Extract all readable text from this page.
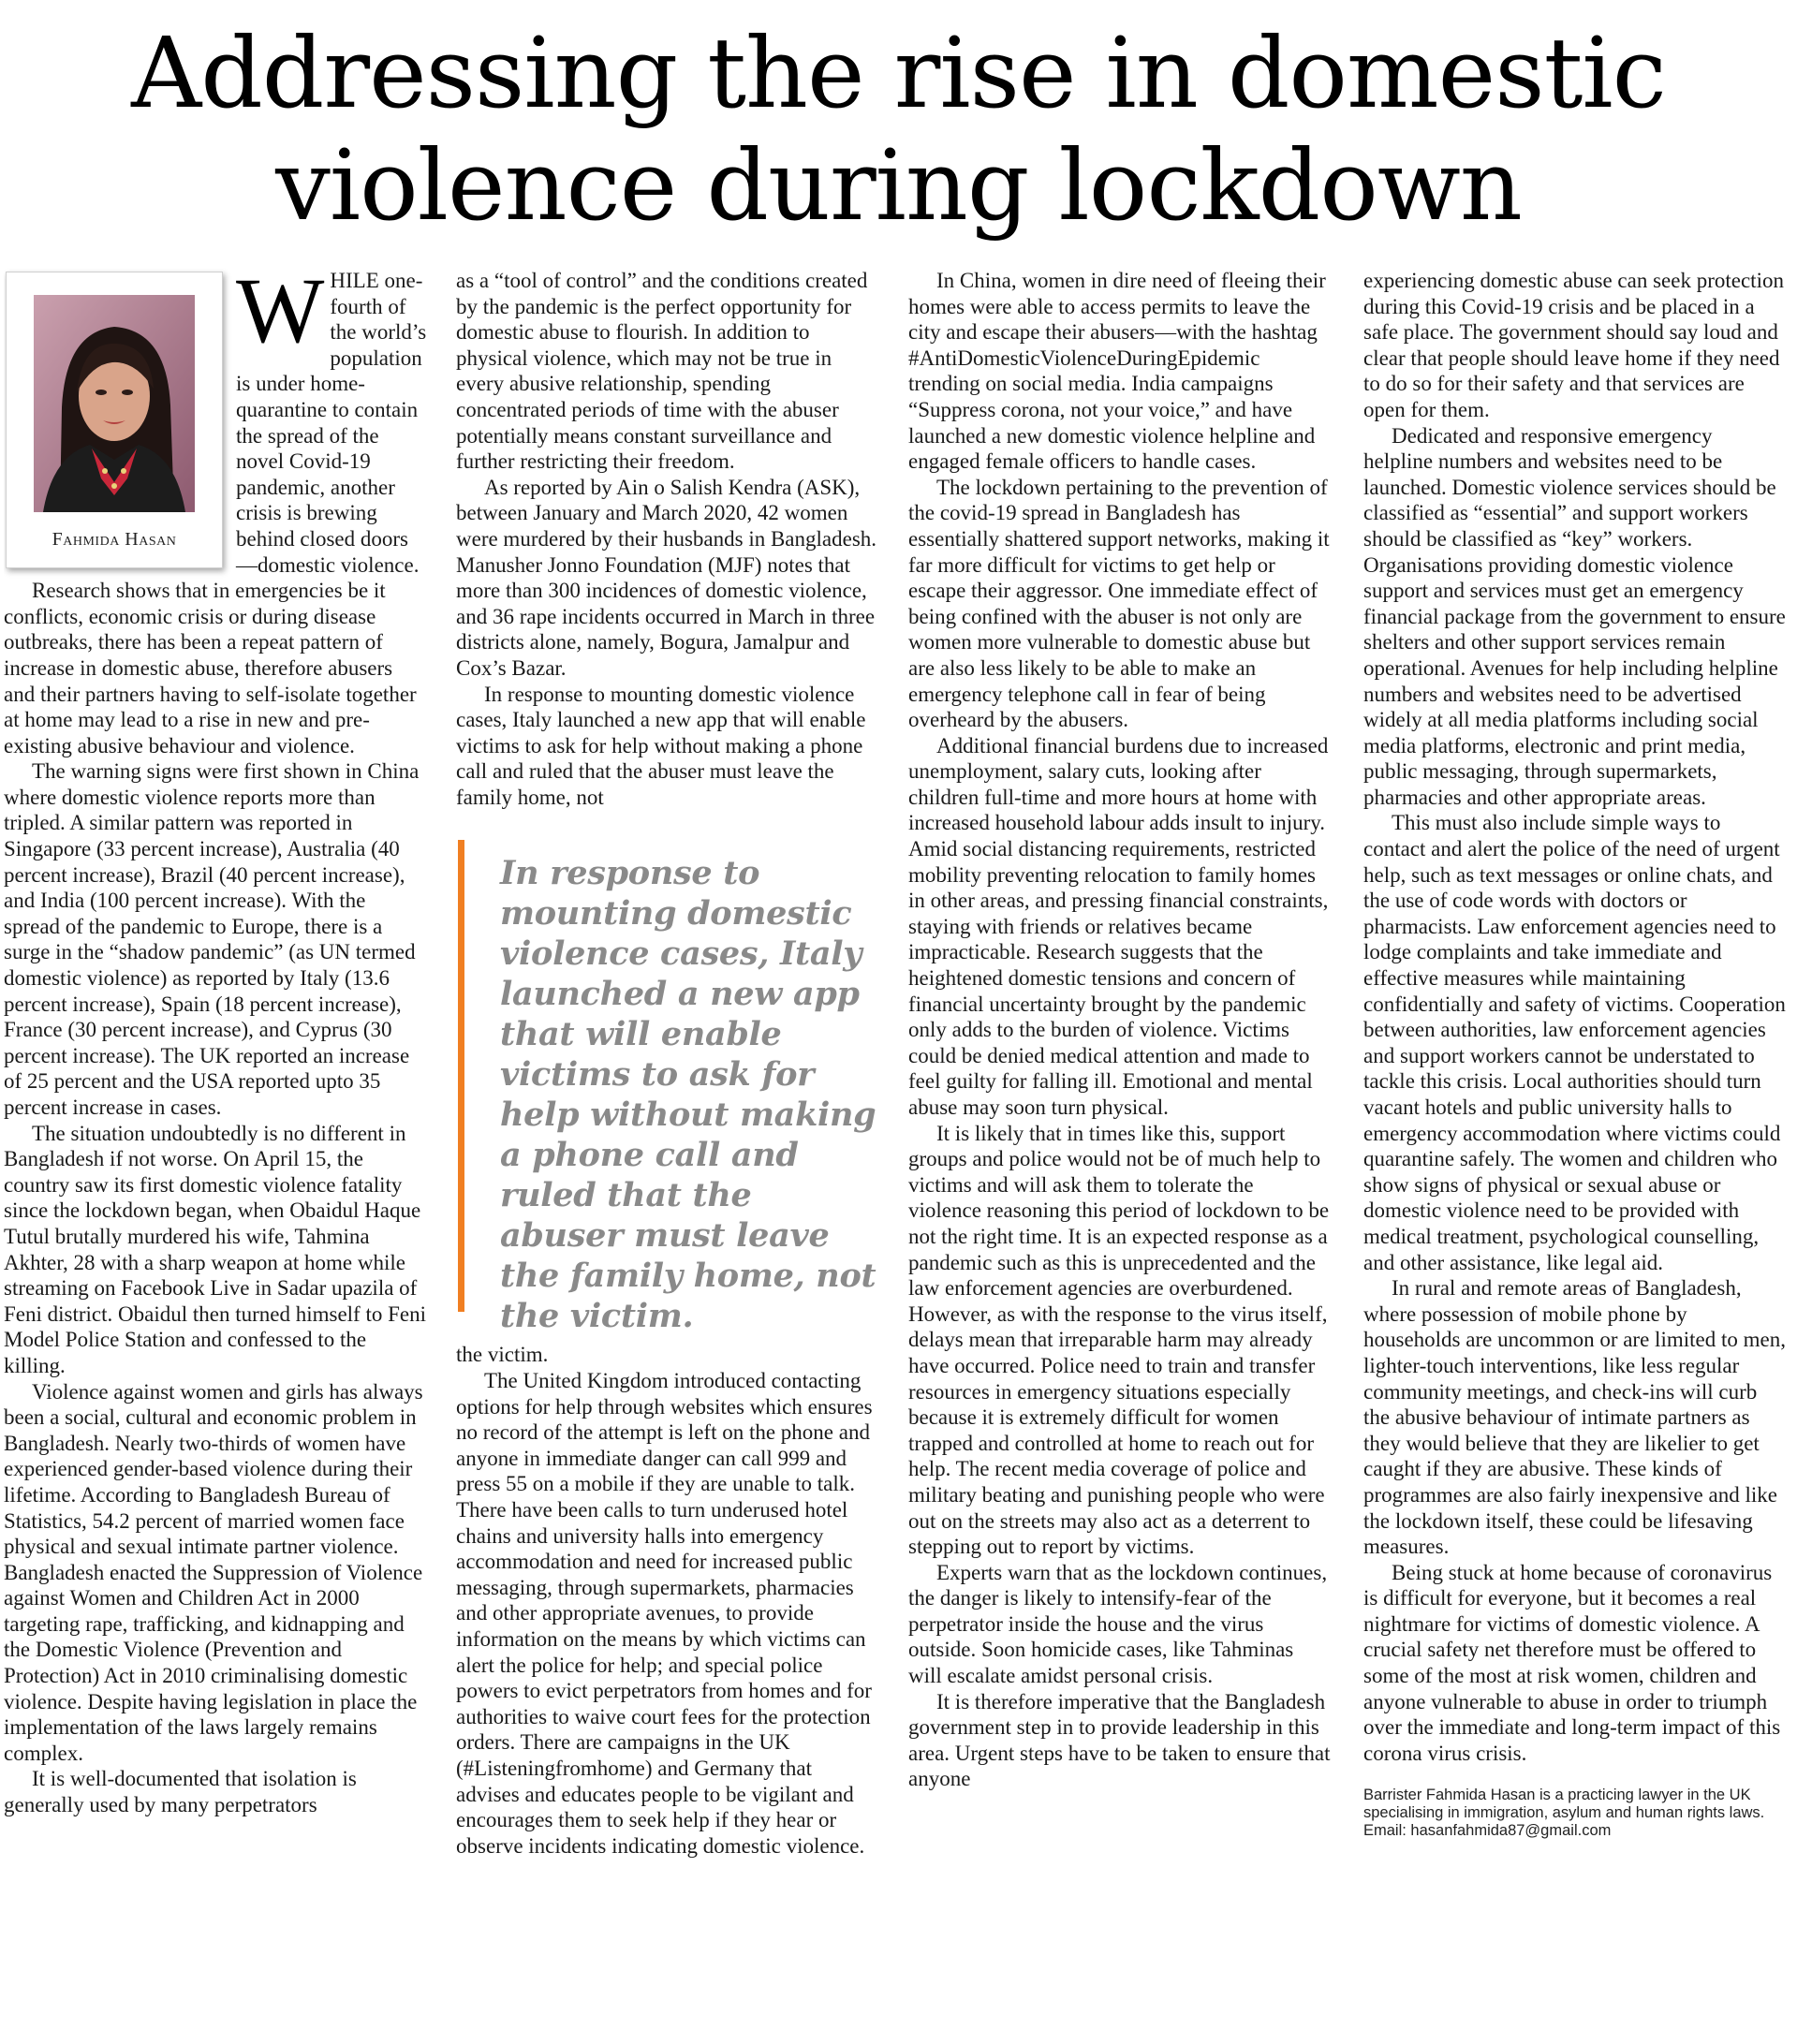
Addressing the rise in domestic
violence during lockdown
Fahmida Hasan

WHILE one-fourth of the world’s population is under home-quarantine to contain the spread of the novel Covid-19 pandemic, another crisis is brewing behind closed doors—domestic violence.

Research shows that in emergencies be it conflicts, economic crisis or during disease outbreaks, there has been a repeat pattern of increase in domestic abuse, therefore abusers and their partners having to self-isolate together at home may lead to a rise in new and pre-existing abusive behaviour and violence.

The warning signs were first shown in China where domestic violence reports more than tripled. A similar pattern was reported in Singapore (33 percent increase), Australia (40 percent increase), Brazil (40 percent increase), and India (100 percent increase). With the spread of the pandemic to Europe, there is a surge in the “shadow pandemic” (as UN termed domestic violence) as reported by Italy (13.6 percent increase), Spain (18 percent increase), France (30 percent increase), and Cyprus (30 percent increase). The UK reported an increase of 25 percent and the USA reported upto 35 percent increase in cases.

The situation undoubtedly is no different in Bangladesh if not worse. On April 15, the country saw its first domestic violence fatality since the lockdown began, when Obaidul Haque Tutul brutally murdered his wife, Tahmina Akhter, 28 with a sharp weapon at home while streaming on Facebook Live in Sadar upazila of Feni district. Obaidul then turned himself to Feni Model Police Station and confessed to the killing.

Violence against women and girls has always been a social, cultural and economic problem in Bangladesh. Nearly two-thirds of women have experienced gender-based violence during their lifetime. According to Bangladesh Bureau of Statistics, 54.2 percent of married women face physical and sexual intimate partner violence. Bangladesh enacted the Suppression of Violence against Women and Children Act in 2000 targeting rape, trafficking, and kidnapping and the Domestic Violence (Prevention and Protection) Act in 2010 criminalising domestic violence. Despite having legislation in place the implementation of the laws largely remains complex.

It is well-documented that isolation is generally used by many perpetrators

as a “tool of control” and the conditions created by the pandemic is the perfect opportunity for domestic abuse to flourish. In addition to physical violence, which may not be true in every abusive relationship, spending concentrated periods of time with the abuser potentially means constant surveillance and further restricting their freedom.

As reported by Ain o Salish Kendra (ASK), between January and March 2020, 42 women were murdered by their husbands in Bangladesh. Manusher Jonno Foundation (MJF) notes that more than 300 incidences of domestic violence, and 36 rape incidents occurred in March in three districts alone, namely, Bogura, Jamalpur and Cox’s Bazar.

In response to mounting domestic violence cases, Italy launched a new app that will enable victims to ask for help without making a phone call and ruled that the abuser must leave the family home, not

In response to mounting domestic violence cases, Italy launched a new app that will enable victims to ask for help without making a phone call and ruled that the abuser must leave the family home, not the victim.

the victim.

The United Kingdom introduced contacting options for help through websites which ensures no record of the attempt is left on the phone and anyone in immediate danger can call 999 and press 55 on a mobile if they are unable to talk. There have been calls to turn underused hotel chains and university halls into emergency accommodation and need for increased public messaging, through supermarkets, pharmacies and other appropriate avenues, to provide information on the means by which victims can alert the police for help; and special police powers to evict perpetrators from homes and for authorities to waive court fees for the protection orders. There are campaigns in the UK (#Listeningfromhome) and Germany that advises and educates people to be vigilant and encourages them to seek help if they hear or observe incidents indicating domestic violence.

In China, women in dire need of fleeing their homes were able to access permits to leave the city and escape their abusers—with the hashtag #AntiDomesticViolenceDuringEpidemic trending on social media. India campaigns “Suppress corona, not your voice,” and have launched a new domestic violence helpline and engaged female officers to handle cases.

The lockdown pertaining to the prevention of the covid-19 spread in Bangladesh has essentially shattered support networks, making it far more difficult for victims to get help or escape their aggressor. One immediate effect of being confined with the abuser is not only are women more vulnerable to domestic abuse but are also less likely to be able to make an emergency telephone call in fear of being overheard by the abusers.

Additional financial burdens due to increased unemployment, salary cuts, looking after children full-time and more hours at home with increased household labour adds insult to injury. Amid social distancing requirements, restricted mobility preventing relocation to family homes in other areas, and pressing financial constraints, staying with friends or relatives became impracticable. Research suggests that the heightened domestic tensions and concern of financial uncertainty brought by the pandemic only adds to the burden of violence. Victims could be denied medical attention and made to feel guilty for falling ill. Emotional and mental abuse may soon turn physical.

It is likely that in times like this, support groups and police would not be of much help to victims and will ask them to tolerate the violence reasoning this period of lockdown to be not the right time. It is an expected response as a pandemic such as this is unprecedented and the law enforcement agencies are overburdened. However, as with the response to the virus itself, delays mean that irreparable harm may already have occurred. Police need to train and transfer resources in emergency situations especially because it is extremely difficult for women trapped and controlled at home to reach out for help. The recent media coverage of police and military beating and punishing people who were out on the streets may also act as a deterrent to stepping out to report by victims.

Experts warn that as the lockdown continues, the danger is likely to intensify-fear of the perpetrator inside the house and the virus outside. Soon homicide cases, like Tahminas will escalate amidst personal crisis.

It is therefore imperative that the Bangladesh government step in to provide leadership in this area. Urgent steps have to be taken to ensure that anyone

experiencing domestic abuse can seek protection during this Covid-19 crisis and be placed in a safe place. The government should say loud and clear that people should leave home if they need to do so for their safety and that services are open for them.

Dedicated and responsive emergency helpline numbers and websites need to be launched. Domestic violence services should be classified as “essential” and support workers should be classified as “key” workers. Organisations providing domestic violence support and services must get an emergency financial package from the government to ensure shelters and other support services remain operational. Avenues for help including helpline numbers and websites need to be advertised widely at all media platforms including social media platforms, electronic and print media, public messaging, through supermarkets, pharmacies and other appropriate areas.

This must also include simple ways to contact and alert the police of the need of urgent help, such as text messages or online chats, and the use of code words with doctors or pharmacists. Law enforcement agencies need to lodge complaints and take immediate and effective measures while maintaining confidentially and safety of victims. Cooperation between authorities, law enforcement agencies and support workers cannot be understated to tackle this crisis. Local authorities should turn vacant hotels and public university halls to emergency accommodation where victims could quarantine safely. The women and children who show signs of physical or sexual abuse or domestic violence need to be provided with medical treatment, psychological counselling, and other assistance, like legal aid.

In rural and remote areas of Bangladesh, where possession of mobile phone by households are uncommon or are limited to men, lighter-touch interventions, like less regular community meetings, and check-ins will curb the abusive behaviour of intimate partners as they would believe that they are likelier to get caught if they are abusive. These kinds of programmes are also fairly inexpensive and like the lockdown itself, these could be lifesaving measures.

Being stuck at home because of coronavirus is difficult for everyone, but it becomes a real nightmare for victims of domestic violence. A crucial safety net therefore must be offered to some of the most at risk women, children and anyone vulnerable to abuse in order to triumph over the immediate and long-term impact of this corona virus crisis.

Barrister Fahmida Hasan is a practicing lawyer in the UK specialising in immigration, asylum and human rights laws.
Email: hasanfahmida87@gmail.com
